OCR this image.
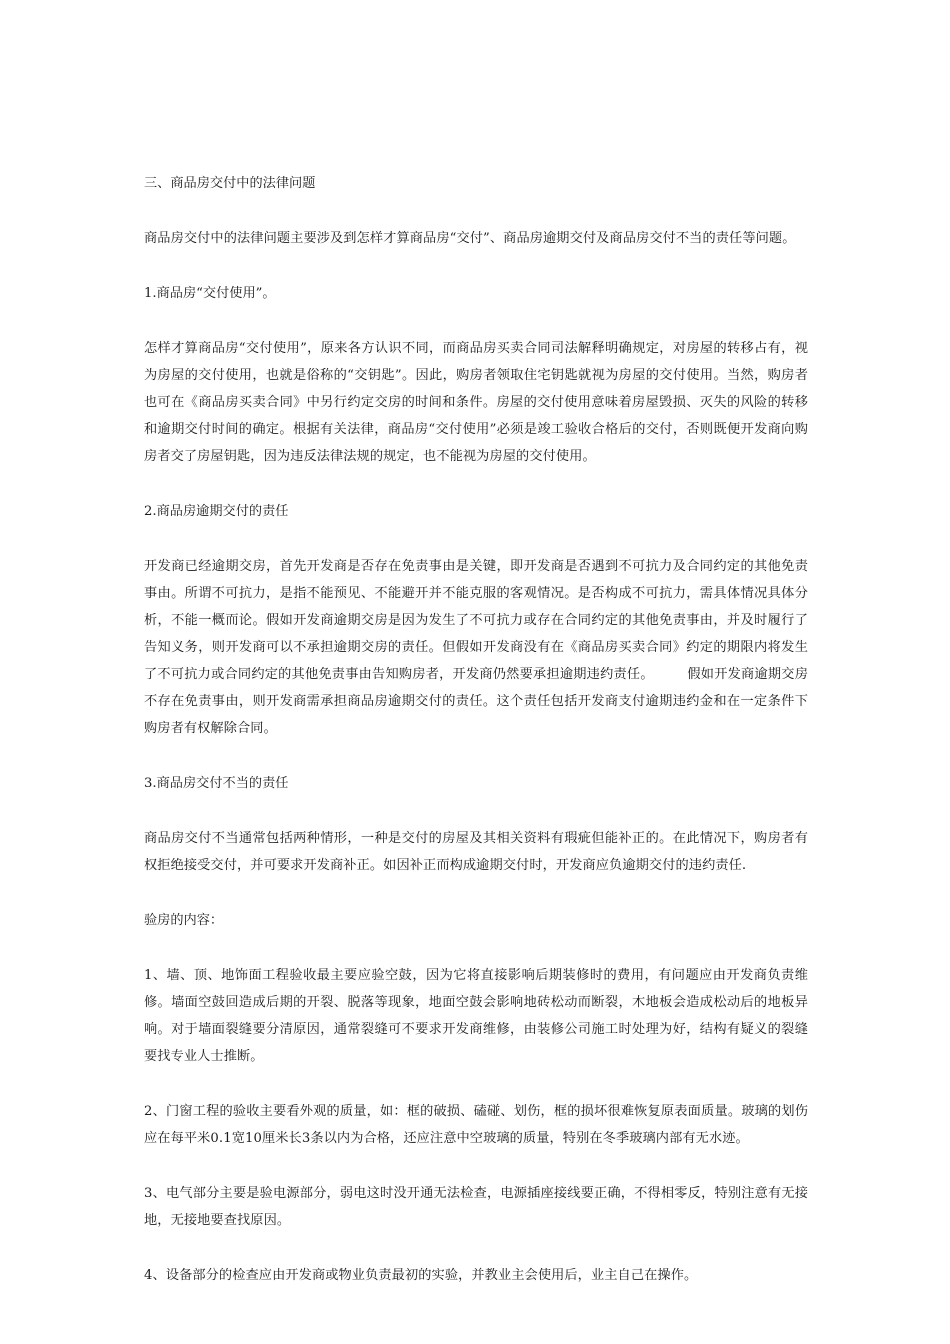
三、商品房交付中的法律问题

商品房交付中的法律问题主要涉及到怎样才算商品房“交付”、商品房逾期交付及商品房交付不当的责任等问题。

1.商品房“交付使用”。

怎样才算商品房“交付使用”，原来各方认识不同，而商品房买卖合同司法解释明确规定，对房屋的转移占有，视为房屋的交付使用，也就是俗称的“交钥匙”。因此，购房者领取住宅钥匙就视为房屋的交付使用。当然，购房者也可在《商品房买卖合同》中另行约定交房的时间和条件。房屋的交付使用意味着房屋毁损、灭失的风险的转移和逾期交付时间的确定。根据有关法律，商品房“交付使用”必须是竣工验收合格后的交付，否则既便开发商向购房者交了房屋钥匙，因为违反法律法规的规定，也不能视为房屋的交付使用。

2.商品房逾期交付的责任

开发商已经逾期交房，首先开发商是否存在免责事由是关键，即开发商是否遇到不可抗力及合同约定的其他免责事由。所谓不可抗力，是指不能预见、不能避开并不能克服的客观情况。是否构成不可抗力，需具体情况具体分析，不能一概而论。假如开发商逾期交房是因为发生了不可抗力或存在合同约定的其他免责事由，并及时履行了告知义务，则开发商可以不承担逾期交房的责任。但假如开发商没有在《商品房买卖合同》约定的期限内将发生了不可抗力或合同约定的其他免责事由告知购房者，开发商仍然要承担逾期违约责任。　　　假如开发商逾期交房不存在免责事由，则开发商需承担商品房逾期交付的责任。这个责任包括开发商支付逾期违约金和在一定条件下购房者有权解除合同。

3.商品房交付不当的责任

商品房交付不当通常包括两种情形，一种是交付的房屋及其相关资料有瑕疵但能补正的。在此情况下，购房者有权拒绝接受交付，并可要求开发商补正。如因补正而构成逾期交付时，开发商应负逾期交付的违约责任.

验房的内容：

1、墙、顶、地饰面工程验收最主要应验空鼓，因为它将直接影响后期装修时的费用，有问题应由开发商负责维修。墙面空鼓回造成后期的开裂、脱落等现象，地面空鼓会影响地砖松动而断裂，木地板会造成松动后的地板异响。对于墙面裂缝要分清原因，通常裂缝可不要求开发商维修，由装修公司施工时处理为好，结构有疑义的裂缝要找专业人士推断。

2、门窗工程的验收主要看外观的质量，如：框的破损、磕碰、划伤，框的损坏很难恢复原表面质量。玻璃的划伤应在每平米0.1宽10厘米长3条以内为合格，还应注意中空玻璃的质量，特别在冬季玻璃内部有无水迹。

3、电气部分主要是验电源部分，弱电这时没开通无法检查，电源插座接线要正确，不得相零反，特别注意有无接地，无接地要查找原因。

4、设备部分的检查应由开发商或物业负责最初的实验，并教业主会使用后，业主自己在操作。
